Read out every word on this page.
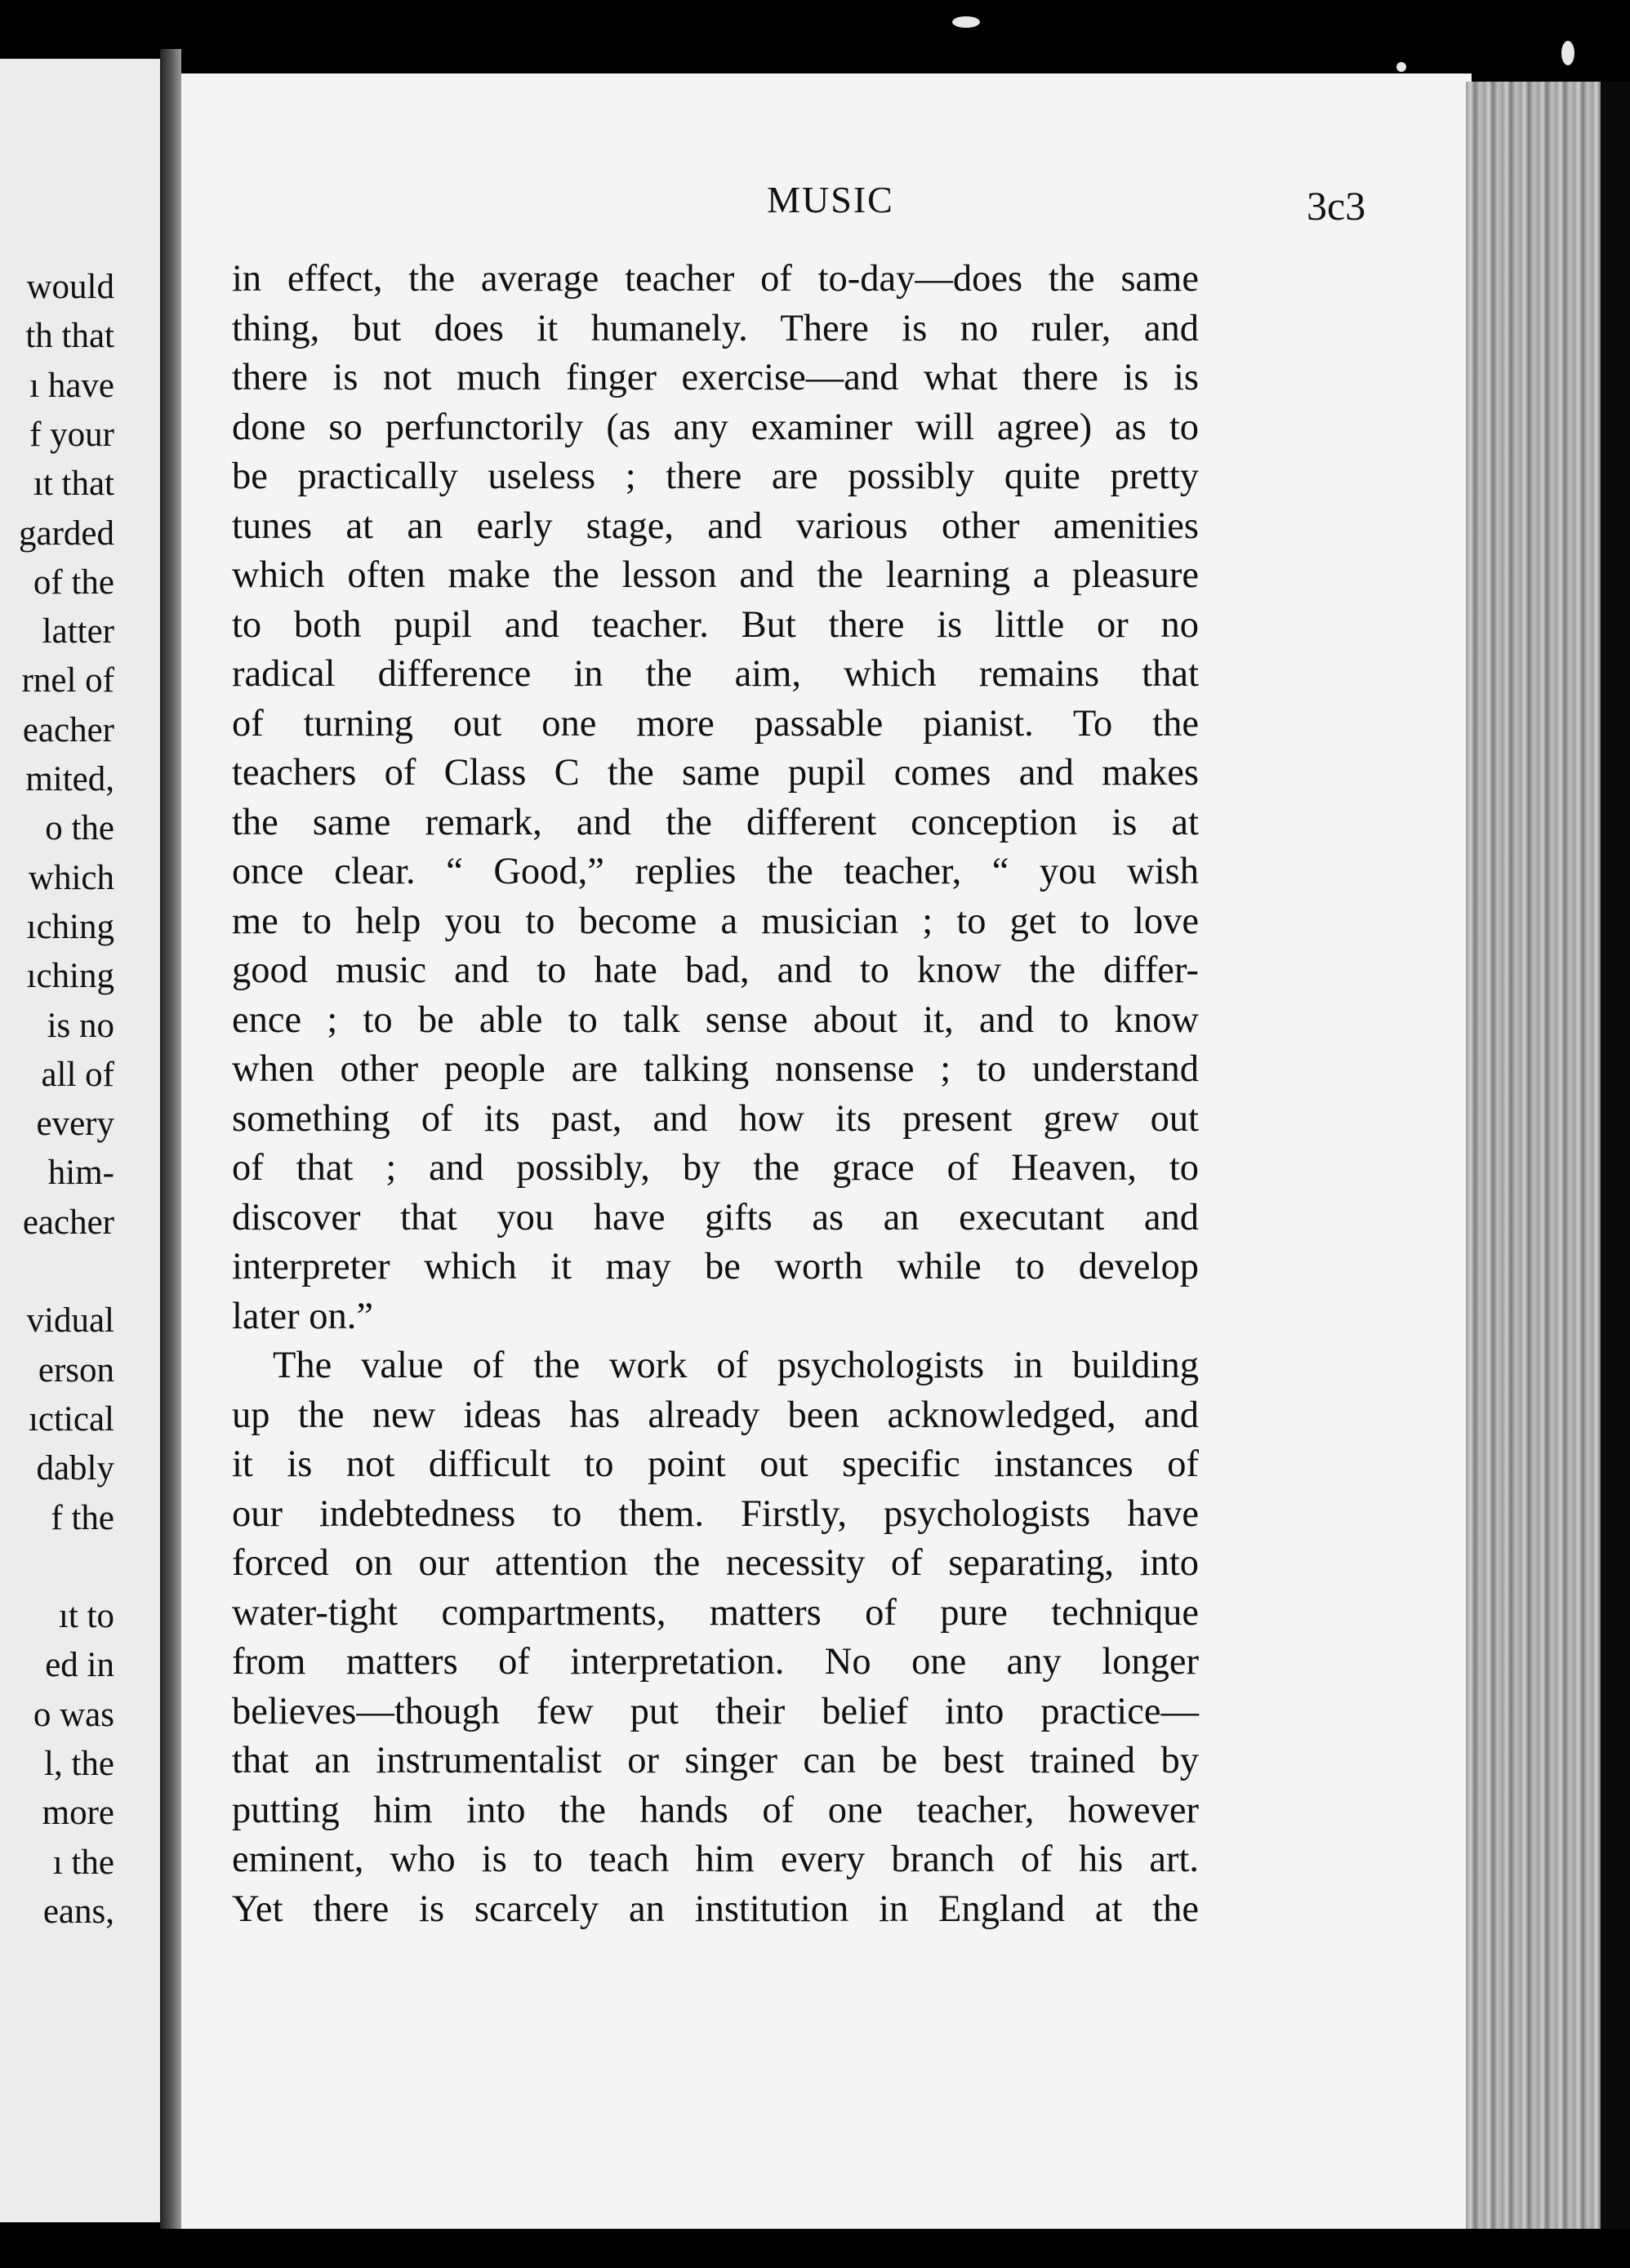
would
th that
ı have
f your
ıt that
garded
of the
latter
rnel of
eacher
mited,
o the
which
ıching
ıching
is no
all of
every
him-
eacher
vidual
erson
ıctical
dably
f the
ıt to
ed in
o was
l, the
more
ı the
eans,
MUSIC	3c3
in effect, the average teacher of to-day—does the same
thing, but does it humanely. There is no ruler, and
there is not much finger exercise—and what there is is
done so perfunctorily (as any examiner will agree) as to
be practically useless ; there are possibly quite pretty
tunes at an early stage, and various other amenities
which often make the lesson and the learning a pleasure
to both pupil and teacher. But there is little or no
radical difference in the aim, which remains that
of turning out one more passable pianist. To the
teachers of Class C the same pupil comes and makes
the same remark, and the different conception is at
once clear. “ Good,” replies the teacher, “ you wish
me to help you to become a musician ; to get to love
good music and to hate bad, and to know the differ-
ence ; to be able to talk sense about it, and to know
when other people are talking nonsense ; to understand
something of its past, and how its present grew out
of that ; and possibly, by the grace of Heaven, to
discover that you have gifts as an executant and
interpreter which it may be worth while to develop
later on.”
The value of the work of psychologists in building
up the new ideas has already been acknowledged, and
it is not difficult to point out specific instances of
our indebtedness to them. Firstly, psychologists have
forced on our attention the necessity of separating, into
water-tight compartments, matters of pure technique
from matters of interpretation. No one any longer
believes—though few put their belief into practice—
that an instrumentalist or singer can be best trained by
putting him into the hands of one teacher, however
eminent, who is to teach him every branch of his art.
Yet there is scarcely an institution in England at the
